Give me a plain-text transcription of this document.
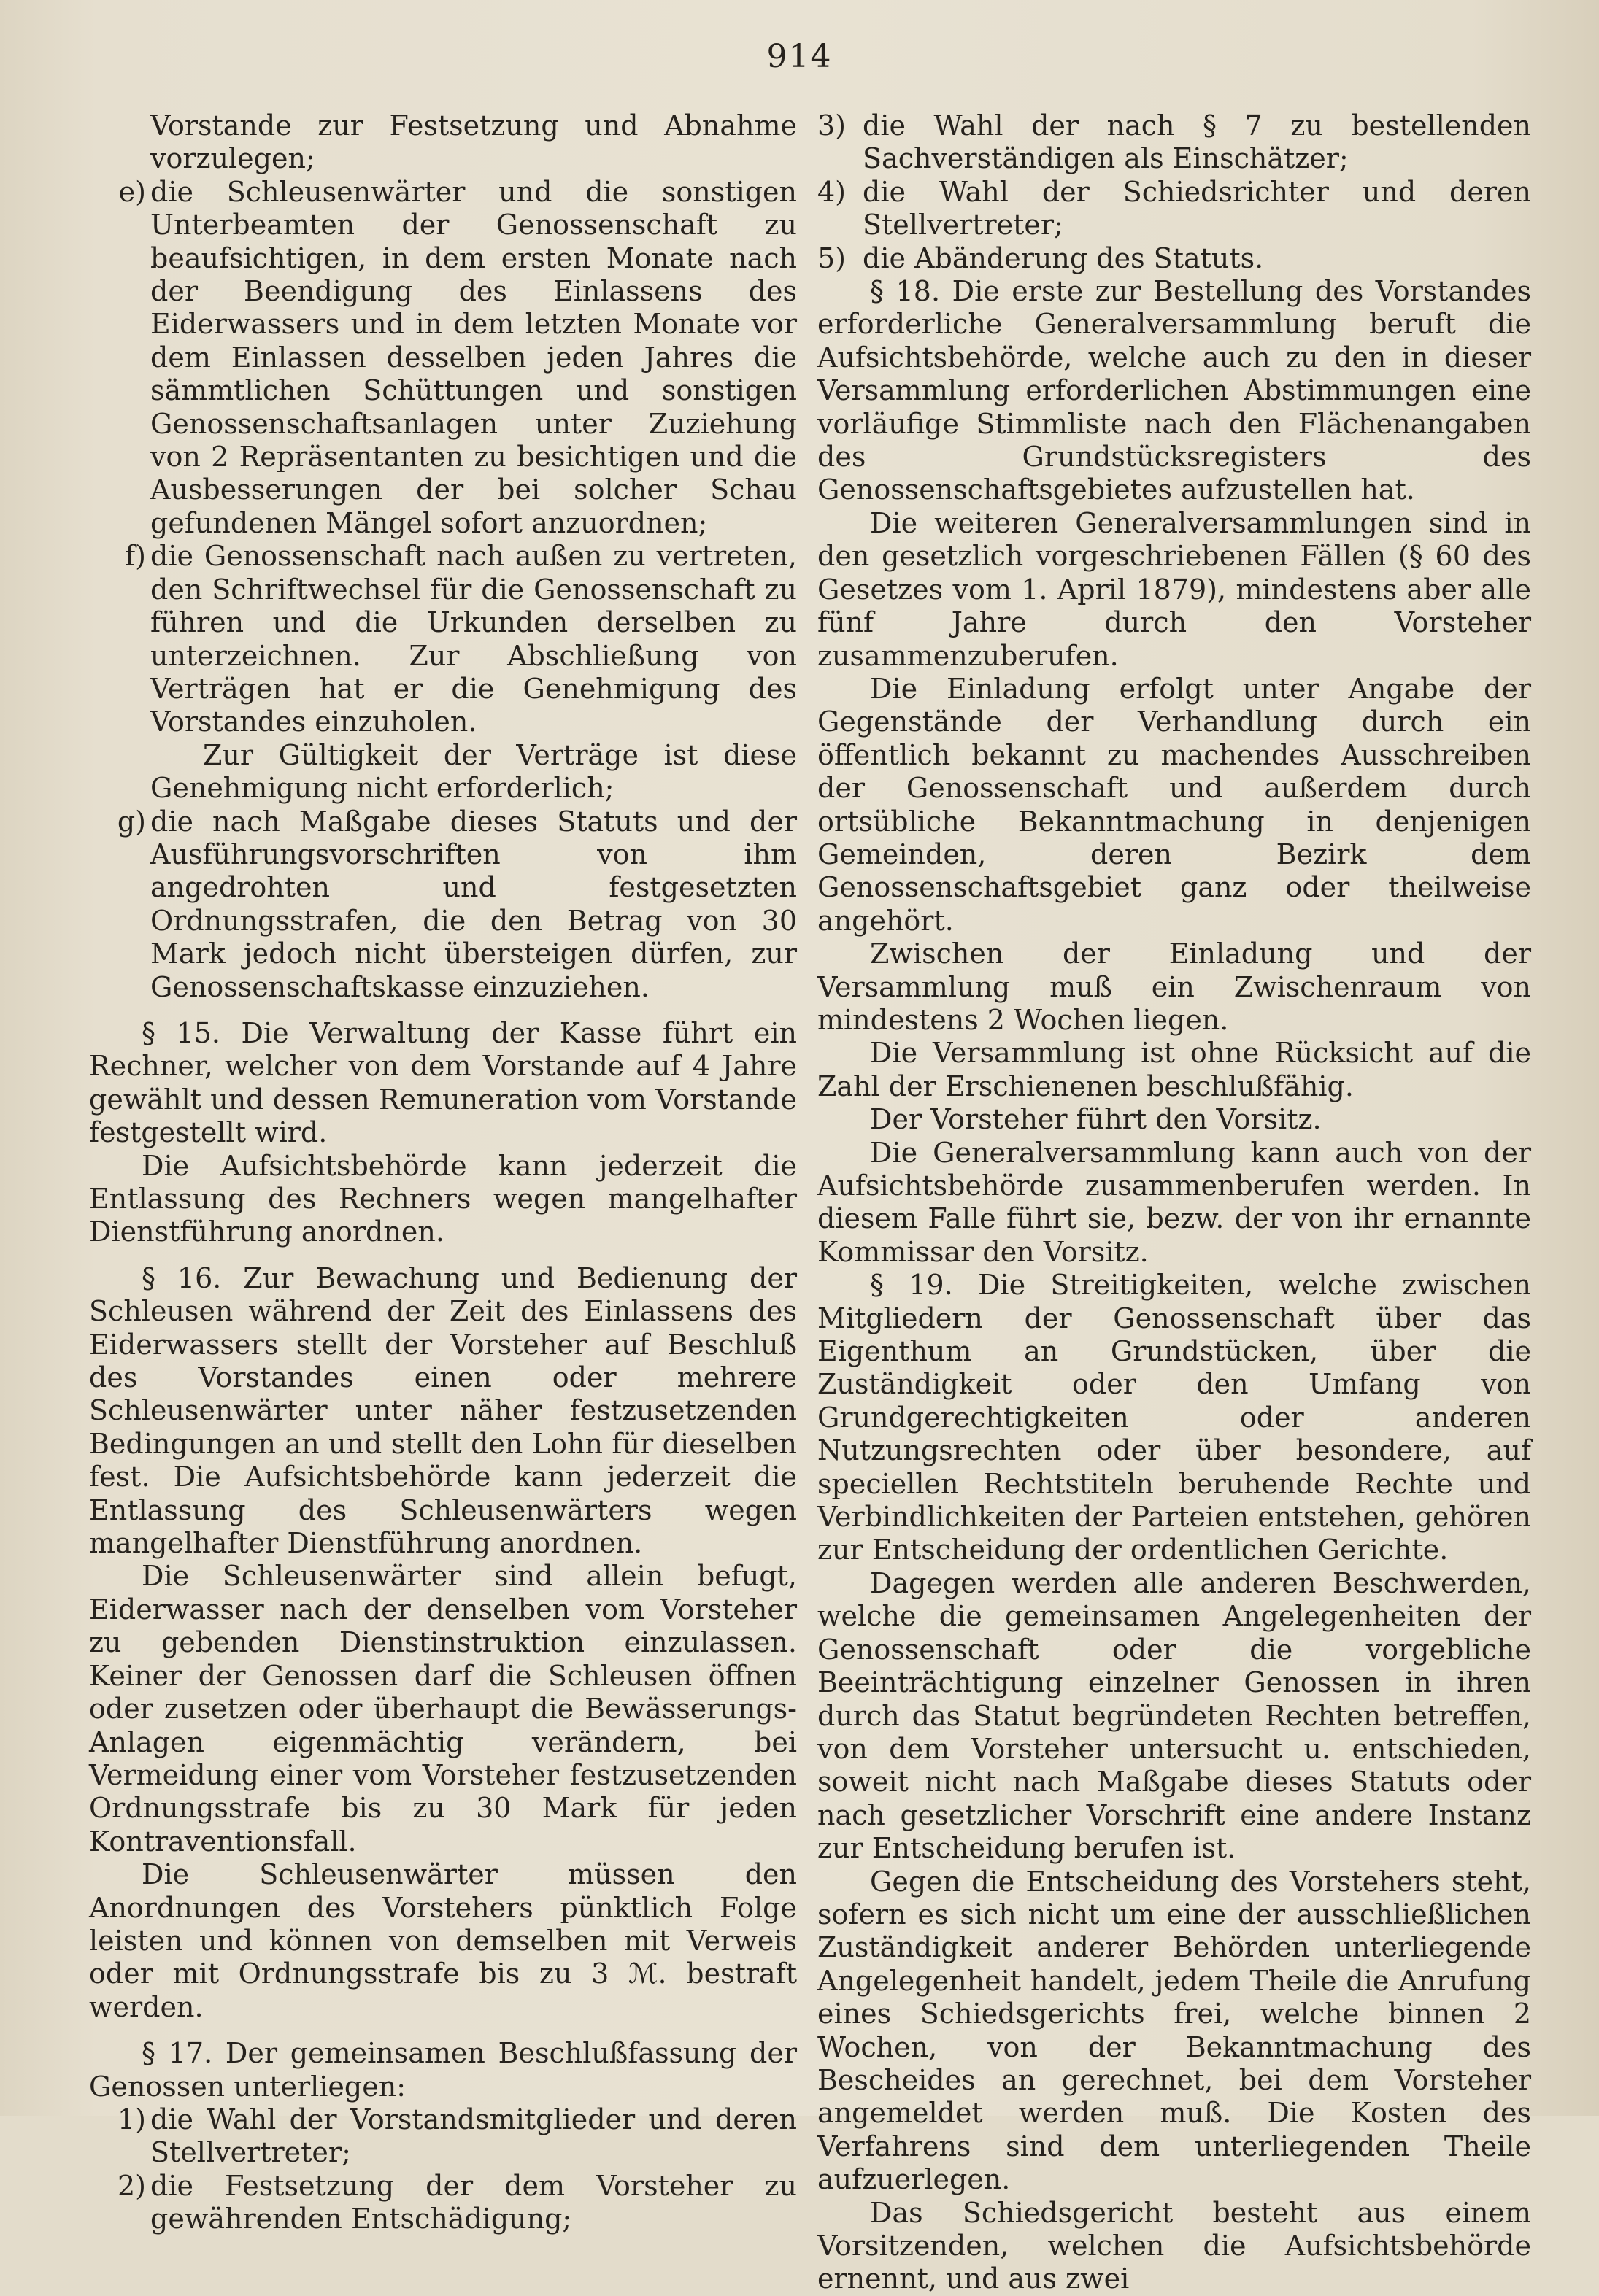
914

Vorstande zur Festsetzung und Abnahme vorzulegen;

e) die Schleusenwärter und die sonstigen Unterbeamten der Genossenschaft zu beaufsichtigen, in dem ersten Monate nach der Beendigung des Einlassens des Eiderwassers und in dem letzten Monate vor dem Einlassen desselben jeden Jahres die sämmtlichen Schüttungen und sonstigen Genossenschaftsanlagen unter Zuziehung von 2 Repräsentanten zu besichtigen und die Ausbesserungen der bei solcher Schau gefundenen Mängel sofort anzuordnen;

f) die Genossenschaft nach außen zu vertreten, den Schriftwechsel für die Genossenschaft zu führen und die Urkunden derselben zu unterzeichnen. Zur Abschließung von Verträgen hat er die Genehmigung des Vorstandes einzuholen.

Zur Gültigkeit der Verträge ist diese Genehmigung nicht erforderlich;

g) die nach Maßgabe dieses Statuts und der Ausführungsvorschriften von ihm angedrohten und festgesetzten Ordnungsstrafen, die den Betrag von 30 Mark jedoch nicht übersteigen dürfen, zur Genossenschaftskasse einzuziehen.

§ 15. Die Verwaltung der Kasse führt ein Rechner, welcher von dem Vorstande auf 4 Jahre gewählt und dessen Remuneration vom Vorstande festgestellt wird.

Die Aufsichtsbehörde kann jederzeit die Entlassung des Rechners wegen mangelhafter Dienstführung anordnen.

§ 16. Zur Bewachung und Bedienung der Schleusen während der Zeit des Einlassens des Eiderwassers stellt der Vorsteher auf Beschluß des Vorstandes einen oder mehrere Schleusenwärter unter näher festzusetzenden Bedingungen an und stellt den Lohn für dieselben fest. Die Aufsichtsbehörde kann jederzeit die Entlassung des Schleusenwärters wegen mangelhafter Dienstführung anordnen.

Die Schleusenwärter sind allein befugt, Eiderwasser nach der denselben vom Vorsteher zu gebenden Dienstinstruktion einzulassen. Keiner der Genossen darf die Schleusen öffnen oder zusetzen oder überhaupt die Bewässerungs-Anlagen eigenmächtig verändern, bei Vermeidung einer vom Vorsteher festzusetzenden Ordnungsstrafe bis zu 30 Mark für jeden Kontraventionsfall.

Die Schleusenwärter müssen den Anordnungen des Vorstehers pünktlich Folge leisten und können von demselben mit Verweis oder mit Ordnungsstrafe bis zu 3 ℳ. bestraft werden.

§ 17. Der gemeinsamen Beschlußfassung der Genossen unterliegen:

1) die Wahl der Vorstandsmitglieder und deren Stellvertreter;

2) die Festsetzung der dem Vorsteher zu gewährenden Entschädigung;

3) die Wahl der nach § 7 zu bestellenden Sachverständigen als Einschätzer;

4) die Wahl der Schiedsrichter und deren Stellvertreter;

5) die Abänderung des Statuts.

§ 18. Die erste zur Bestellung des Vorstandes erforderliche Generalversammlung beruft die Aufsichtsbehörde, welche auch zu den in dieser Versammlung erforderlichen Abstimmungen eine vorläufige Stimmliste nach den Flächenangaben des Grundstücksregisters des Genossenschaftsgebietes aufzustellen hat.

Die weiteren Generalversammlungen sind in den gesetzlich vorgeschriebenen Fällen (§ 60 des Gesetzes vom 1. April 1879), mindestens aber alle fünf Jahre durch den Vorsteher zusammenzuberufen.

Die Einladung erfolgt unter Angabe der Gegenstände der Verhandlung durch ein öffentlich bekannt zu machendes Ausschreiben der Genossenschaft und außerdem durch ortsübliche Bekanntmachung in denjenigen Gemeinden, deren Bezirk dem Genossenschaftsgebiet ganz oder theilweise angehört.

Zwischen der Einladung und der Versammlung muß ein Zwischenraum von mindestens 2 Wochen liegen.

Die Versammlung ist ohne Rücksicht auf die Zahl der Erschienenen beschlußfähig.

Der Vorsteher führt den Vorsitz.

Die Generalversammlung kann auch von der Aufsichtsbehörde zusammenberufen werden. In diesem Falle führt sie, bezw. der von ihr ernannte Kommissar den Vorsitz.

§ 19. Die Streitigkeiten, welche zwischen Mitgliedern der Genossenschaft über das Eigenthum an Grundstücken, über die Zuständigkeit oder den Umfang von Grundgerechtigkeiten oder anderen Nutzungsrechten oder über besondere, auf speciellen Rechtstiteln beruhende Rechte und Verbindlichkeiten der Parteien entstehen, gehören zur Entscheidung der ordentlichen Gerichte.

Dagegen werden alle anderen Beschwerden, welche die gemeinsamen Angelegenheiten der Genossenschaft oder die vorgebliche Beeinträchtigung einzelner Genossen in ihren durch das Statut begründeten Rechten betreffen, von dem Vorsteher untersucht u. entschieden, soweit nicht nach Maßgabe dieses Statuts oder nach gesetzlicher Vorschrift eine andere Instanz zur Entscheidung berufen ist.

Gegen die Entscheidung des Vorstehers steht, sofern es sich nicht um eine der ausschließlichen Zuständigkeit anderer Behörden unterliegende Angelegenheit handelt, jedem Theile die Anrufung eines Schiedsgerichts frei, welche binnen 2 Wochen, von der Bekanntmachung des Bescheides an gerechnet, bei dem Vorsteher angemeldet werden muß. Die Kosten des Verfahrens sind dem unterliegenden Theile aufzuerlegen.

Das Schiedsgericht besteht aus einem Vorsitzenden, welchen die Aufsichtsbehörde ernennt, und aus zwei
